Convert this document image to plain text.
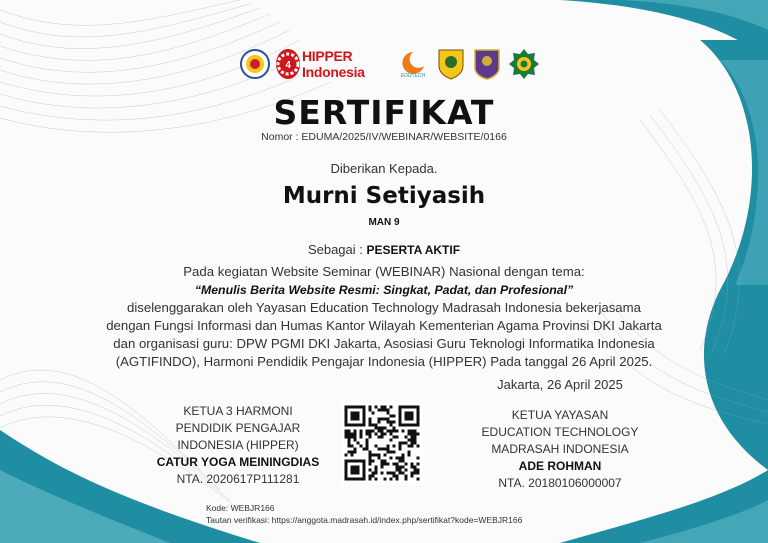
4
HIPPER Indonesia	EDUTECH
SERTIFIKAT
Nomor : EDUMA/2025/IV/WEBINAR/WEBSITE/0166
Diberikan Kepada.
Murni Setiyasih
MAN 9
Sebagai : PESERTA AKTIF

Pada kegiatan Website Seminar (WEBINAR) Nasional dengan tema:

“Menulis Berita Website Resmi: Singkat, Padat, dan Profesional”

diselenggarakan oleh Yayasan Education Technology Madrasah Indonesia bekerjasama

dengan Fungsi Informasi dan Humas Kantor Wilayah Kementerian Agama Provinsi DKI Jakarta

dan organisasi guru: DPW PGMI DKI Jakarta, Asosiasi Guru Teknologi Informatika Indonesia

(AGTIFINDO), Harmoni Pendidik Pengajar Indonesia (HIPPER) Pada tanggal 26 April 2025.

Jakarta, 26 April 2025
KETUA 3 HARMONI
PENDIDIK PENGAJAR
INDONESIA (HIPPER)
CATUR YOGA MEININGDIAS
NTA. 2020617P111281
KETUA YAYASAN
EDUCATION TECHNOLOGY
MADRASAH INDONESIA
ADE ROHMAN
NTA. 20180106000007
Kode: WEBJR166
Tautan verifikasi: https://anggota.madrasah.id/index.php/sertifikat?kode=WEBJR166
